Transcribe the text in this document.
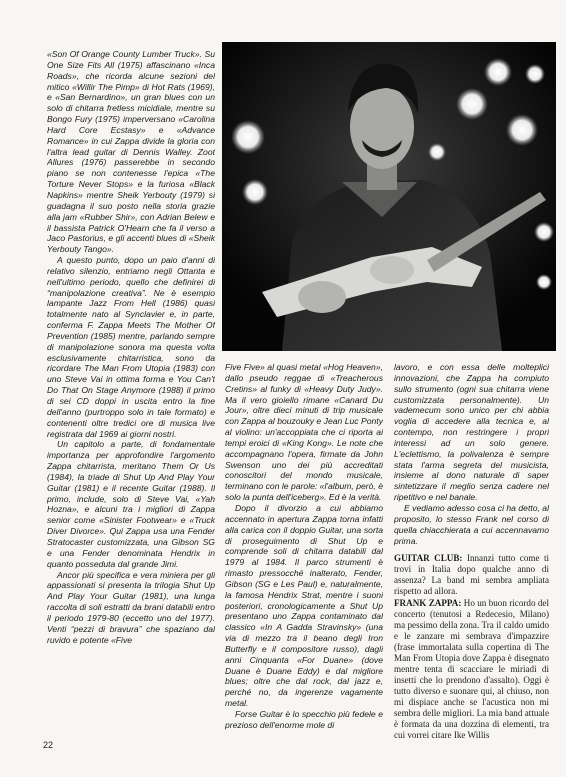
«Son Of Orange County Lumber Truck». Su One Size Fits All (1975) affascinano «Inca Roads», che ricorda alcune sezioni del mitico «Willir The Pimp» di Hot Rats (1969), e «San Bernardino», un gran blues con un solo di chitarra fretless micidiale, mentre su Bongo Fury (1975) imperversano «Carolina Hard Core Ecstasy» e «Advance Romance» in cui Zappa divide la gloria con l'altra lead guitar di Dennis Walley. Zoot Allures (1976) passerebbe in secondo piano se non contenesse l'epica «The Torture Never Stops» e la furiosa «Black Napkins» mentre Sheik Yerbouty (1979) si guadagna il suo posto nella storia grazie alla jam «Rubber Shir», con Adrian Belew e il bassista Patrick O'Hearn che fa il verso a Jaco Pastorius, e gli accenti blues di «Sheik Yerbouty Tango».

A questo punto, dopo un paio d'anni di relativo silenzio, entriamo negli Ottanta e nell'ultimo periodo, quello che definirei di “manipolazione creativa”. Ne è esempio lampante Jazz From Hell (1986) quasi totalmente nato al Synclavier e, in parte, conferma F. Zappa Meets The Mother Of Prevention (1985) mentre, parlando sempre di manipolazione sonora ma questa volta esclusivamente chitarristica, sono da ricordare The Man From Utopia (1983) con uno Steve Vai in ottima forma e You Can't Do That On Stage Anymore (1988) il primo di sei CD doppi in uscita entro la fine dell'anno (purtroppo solo in tale formato) e contenenti oltre tredici ore di musica live registrata dal 1969 ai giorni nostri.

Un capitolo a parte, di fondamentale importanza per approfondire l'argomento Zappa chitarrista, meritano Them Or Us (1984), la triade di Shut Up And Play Your Guitar (1981) e il recente Guitar (1988). Il primo, include, solo di Steve Vai, «Yah Hozna», e alcuni tra i migliori di Zappa senior come «Sinister Footwear» e «Truck Diver Divorce». Qui Zappa usa una Fender Stratocaster customizzata, una Gibson SG e una Fender denominata Hendrix in quanto posseduta dal grande Jimi.

Ancor più specifica e vera miniera per gli appassionati si presenta la trilogia Shut Up And Play Your Guitar (1981), una lunga raccolta di soli estratti da brani databili entro il periodo 1979-80 (eccetto uno del 1977). Venti “pezzi di bravura” che spaziano dal ruvido e potente «Five

Five Five» al quasi metal «Hog Heaven», dallo pseudo reggae di «Treacherous Cretins» al funky di «Heavy Duty Judy». Ma il vero gioiello rimane «Canard Du Jour», oltre dieci minuti di trip musicale con Zappa al bouzouky e Jean Luc Ponty al violino: un'accoppiata che ci riporta ai tempi eroici di «King Kong». Le note che accompagnano l'opera, firmate da John Swenson uno dei più accreditati conoscitori del mondo musicale, terminano con le parole: «l'album, però, è solo la punta dell'iceberg». Ed è la verità.

Dopo il divorzio a cui abbiamo accennato in apertura Zappa torna infatti alla carica con il doppio Guitar, una sorta di proseguimento di Shut Up e comprende soli di chitarra databili dal 1979 al 1984. Il parco strumenti è rimasto pressocché inalterato, Fender, Gibson (SG e Les Paul) e, naturalmente, la famosa Hendrix Strat, mentre i suoni posteriori, cronologicamente a Shut Up presentano uno Zappa contaminato dal classico «In A Gadda Stravinsky» (una via di mezzo tra il beano degli Iron Butterfly e il compositore russo), dagli anni Cinquanta «For Duane» (dove Duane è Duane Eddy) e dal migliore blues; oltre che dal rock, dal jazz e, perché no, da ingerenze vagamente metal.

Forse Guitar è lo specchio più fedele e prezioso dell'enorme mole di

lavoro, e con essa delle molteplici innovazioni, che Zappa ha compiuto sullo strumento (ogni sua chitarra viene customizzata personalmente). Un vademecum sono unico per chi abbia voglia di accedere alla tecnica e, al contempo, non restringere i propri interessi ad un solo genere. L'eclettismo, la polivalenza è sempre stata l'arma segreta del musicista, insieme al dono naturale di saper sintetizzare il meglio senza cadere nel ripetitivo e nel banale.

E vediamo adesso cosa ci ha detto, al proposito, lo stesso Frank nel corso di quella chiacchierata a cui accennavamo prima.

GUITAR CLUB: Innanzi tutto come ti trovi in Italia dopo qualche anno di assenza? La band mi sembra ampliata rispetto ad allora.

FRANK ZAPPA: Ho un buon ricordo del concerto (tenutosi a Redecesio, Milano) ma pessimo della zona. Tra il caldo umido e le zanzare mi sembrava d'impazzire (frase immortalata sulla copertina di The Man From Utopia dove Zappa è disegnato mentre tenta di scacciare le miriadi di insetti che lo prendono d'assalto). Oggi è tutto diverso e suonare qui, al chiuso, non mi dispiace anche se l'acustica non mi sembra delle migliori. La mia band attuale è formata da una dozzina di elementi, tra cui vorrei citare Ike Willis

22
